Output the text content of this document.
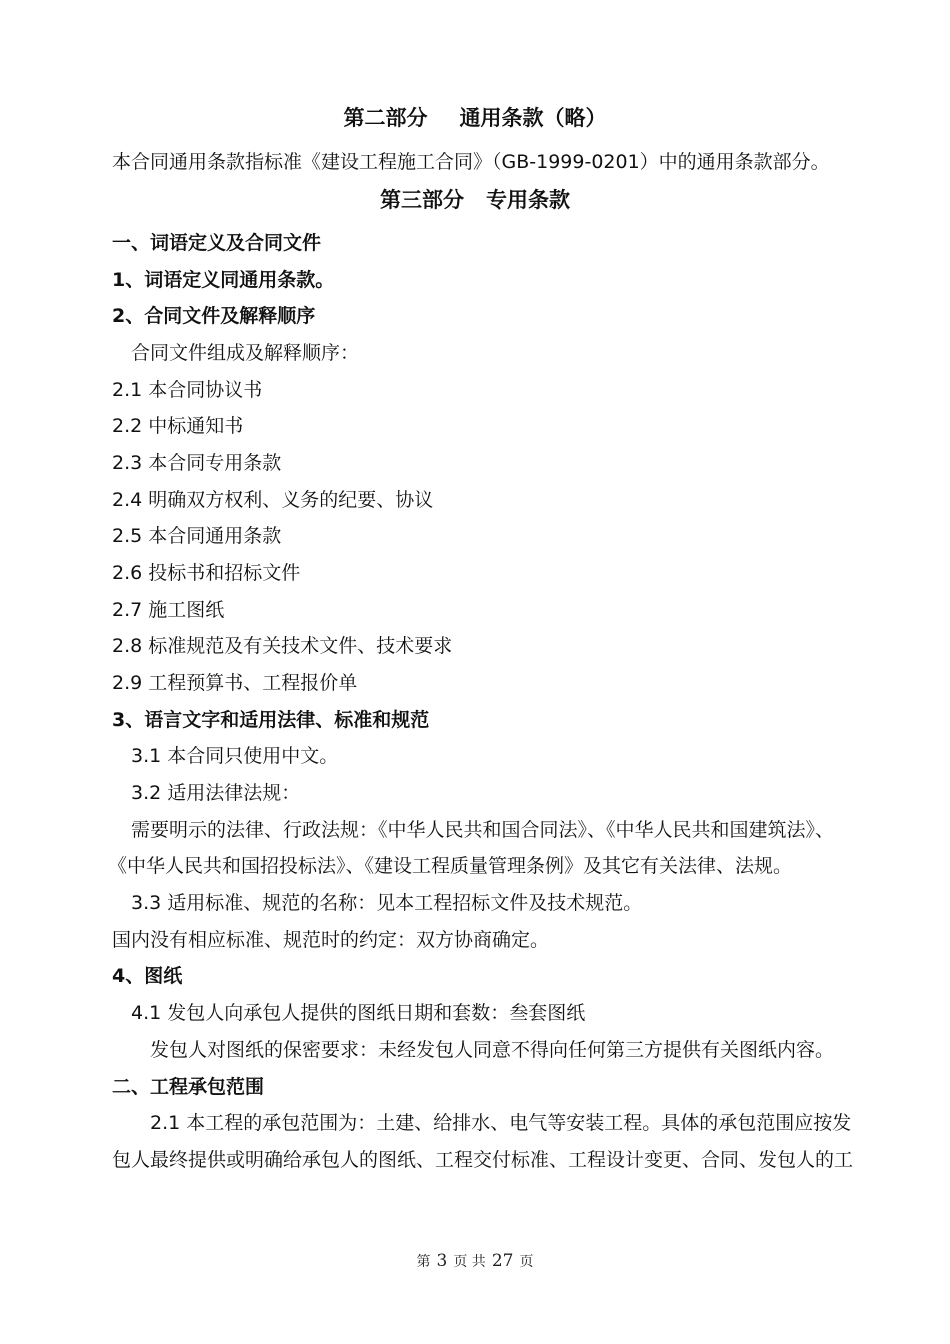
第二部分 通用条款（略）
本合同通用条款指标准《建设工程施工合同》（GB-1999-0201）中的通用条款部分。
第三部分 专用条款
一、词语定义及合同文件
1、词语定义同通用条款。
2、合同文件及解释顺序
合同文件组成及解释顺序：
2.1 本合同协议书
2.2 中标通知书
2.3 本合同专用条款
2.4 明确双方权利、义务的纪要、协议
2.5 本合同通用条款
2.6 投标书和招标文件
2.7 施工图纸
2.8 标准规范及有关技术文件、技术要求
2.9 工程预算书、工程报价单
3、语言文字和适用法律、标准和规范
3.1 本合同只使用中文。
3.2 适用法律法规：
需要明示的法律、行政法规：《中华人民共和国合同法》、《中华人民共和国建筑法》、
《中华人民共和国招投标法》、《建设工程质量管理条例》及其它有关法律、法规。
3.3 适用标准、规范的名称：见本工程招标文件及技术规范。
国内没有相应标准、规范时的约定：双方协商确定。
4、图纸
4.1 发包人向承包人提供的图纸日期和套数：叁套图纸
发包人对图纸的保密要求：未经发包人同意不得向任何第三方提供有关图纸内容。
二、工程承包范围
2.1 本工程的承包范围为：土建、给排水、电气等安装工程。具体的承包范围应按发
包人最终提供或明确给承包人的图纸、工程交付标准、工程设计变更、合同、发包人的工
第 3 页 共 27 页
